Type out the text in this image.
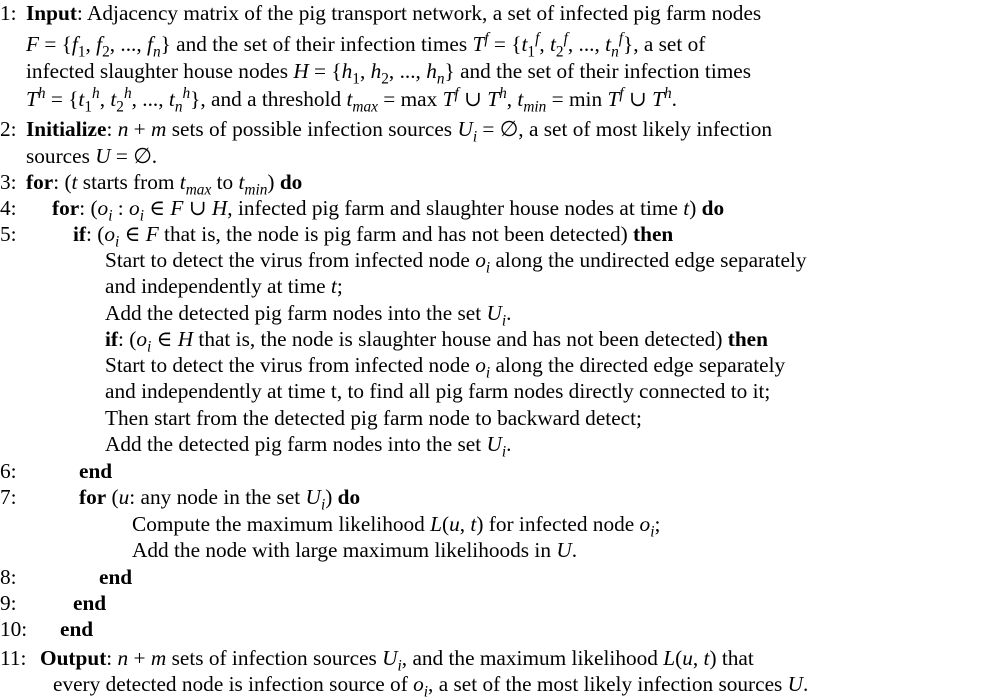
1: Input: Adjacency matrix of the pig transport network, a set of infected pig farm nodes
$F = \{f_1$, $f_2$, ..., $f_n$} and the set of their infection times $T^f = \{t_1^f$, $t_2^f$, ..., $t_n^f$}, a set of
infected slaughter house nodes $H = \{h_1$, $h_2$, ..., $h_n$} and the set of their infection times
$T^h = \{t_1^h$, $t_2^h$, ..., $t_n^h$}, and a threshold $t_{max} = \max T^f$ ∪ $T^h$, $t_{min} = \min T^f$ ∪ $T^h$.
2: Initialize: n + m sets of possible infection sources $U_i$ = ∅, a set of most likely infection
sources U = ∅.
3: for: (t starts from $t_{max}$ to $t_{min}$) do
4: for: ($o_i$ : $o_i$ ∈ F ∪ H, infected pig farm and slaughter house nodes at time t) do
5:	if: ($o_i$ ∈ F that is, the node is pig farm and has not been detected) then
Start to detect the virus from infected node $o_i$ along the undirected edge separately
and independently at time t;
Add the detected pig farm nodes into the set $U_i$.
if: ($o_i$ ∈ H that is, the node is slaughter house and has not been detected) then
Start to detect the virus from infected node $o_i$ along the directed edge separately
and independently at time t, to find all pig farm nodes directly connected to it;
Then start from the detected pig farm node to backward detect;
Add the detected pig farm nodes into the set $U_i$.
6:	end
7:	for (u: any node in the set $U_i$) do
Compute the maximum likelihood L(u, t) for infected node $o_i$;
Add the node with large maximum likelihoods in U.
8:	end
9:	end
10: end
11: Output: n + m sets of infection sources $U_i$, and the maximum likelihood L(u, t) that
every detected node is infection source of $o_i$, a set of the most likely infection sources U.
